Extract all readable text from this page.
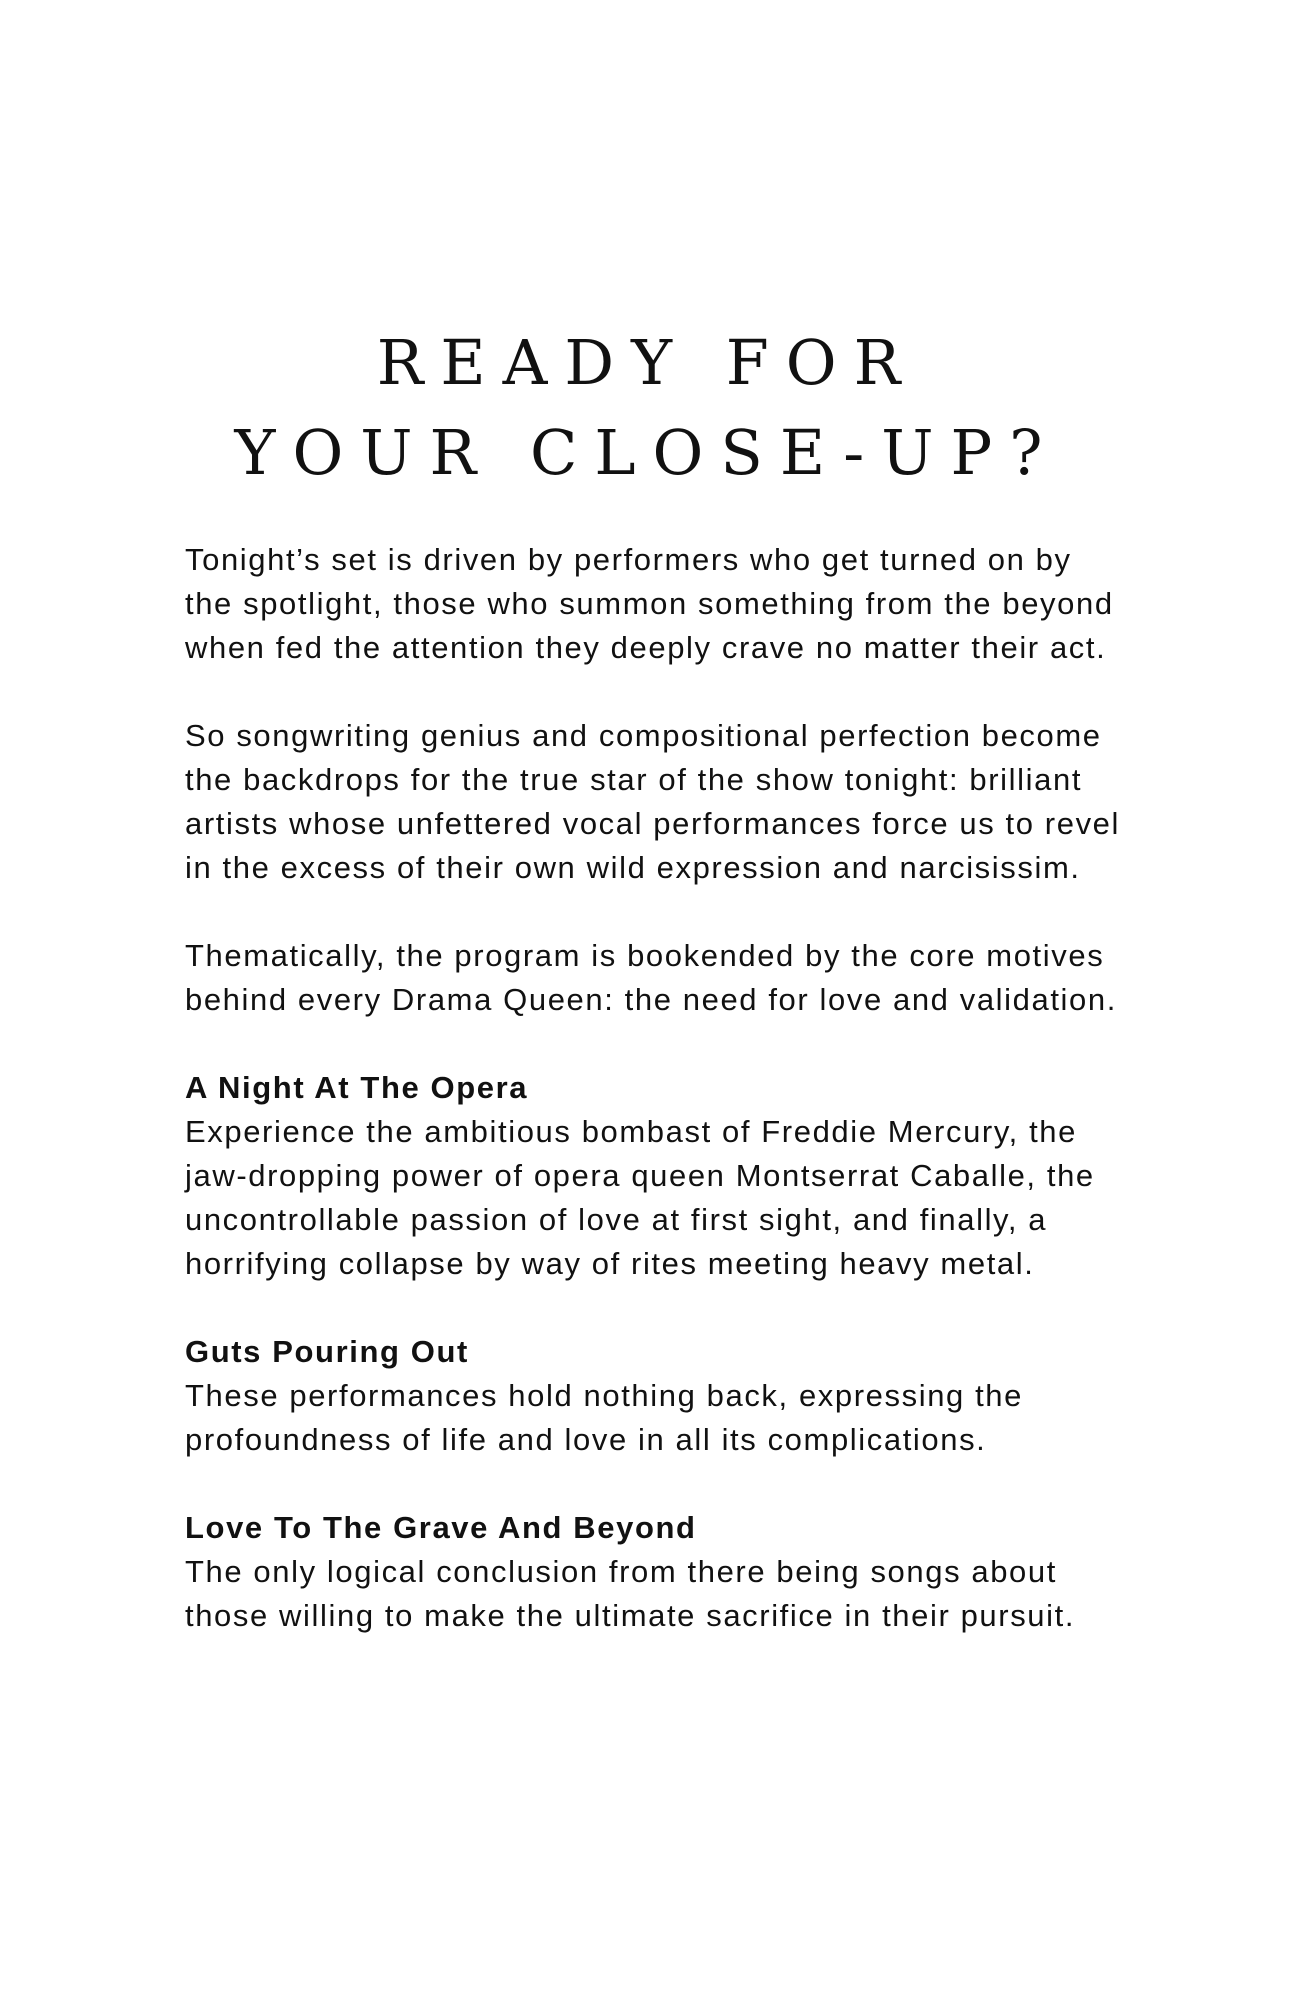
READY FOR
YOUR CLOSE-UP?

Tonight’s set is driven by performers who get turned on by
the spotlight, those who summon something from the beyond
when fed the attention they deeply crave no matter their act.

So songwriting genius and compositional perfection become
the backdrops for the true star of the show tonight: brilliant
artists whose unfettered vocal performances force us to revel
in the excess of their own wild expression and narcisissim.

Thematically, the program is bookended by the core motives
behind every Drama Queen: the need for love and validation.

A Night At The Opera
Experience the ambitious bombast of Freddie Mercury, the
jaw-dropping power of opera queen Montserrat Caballe, the
uncontrollable passion of love at first sight, and finally, a
horrifying collapse by way of rites meeting heavy metal.

Guts Pouring Out
These performances hold nothing back, expressing the
profoundness of life and love in all its complications.

Love To The Grave And Beyond
The only logical conclusion from there being songs about
those willing to make the ultimate sacrifice in their pursuit.
